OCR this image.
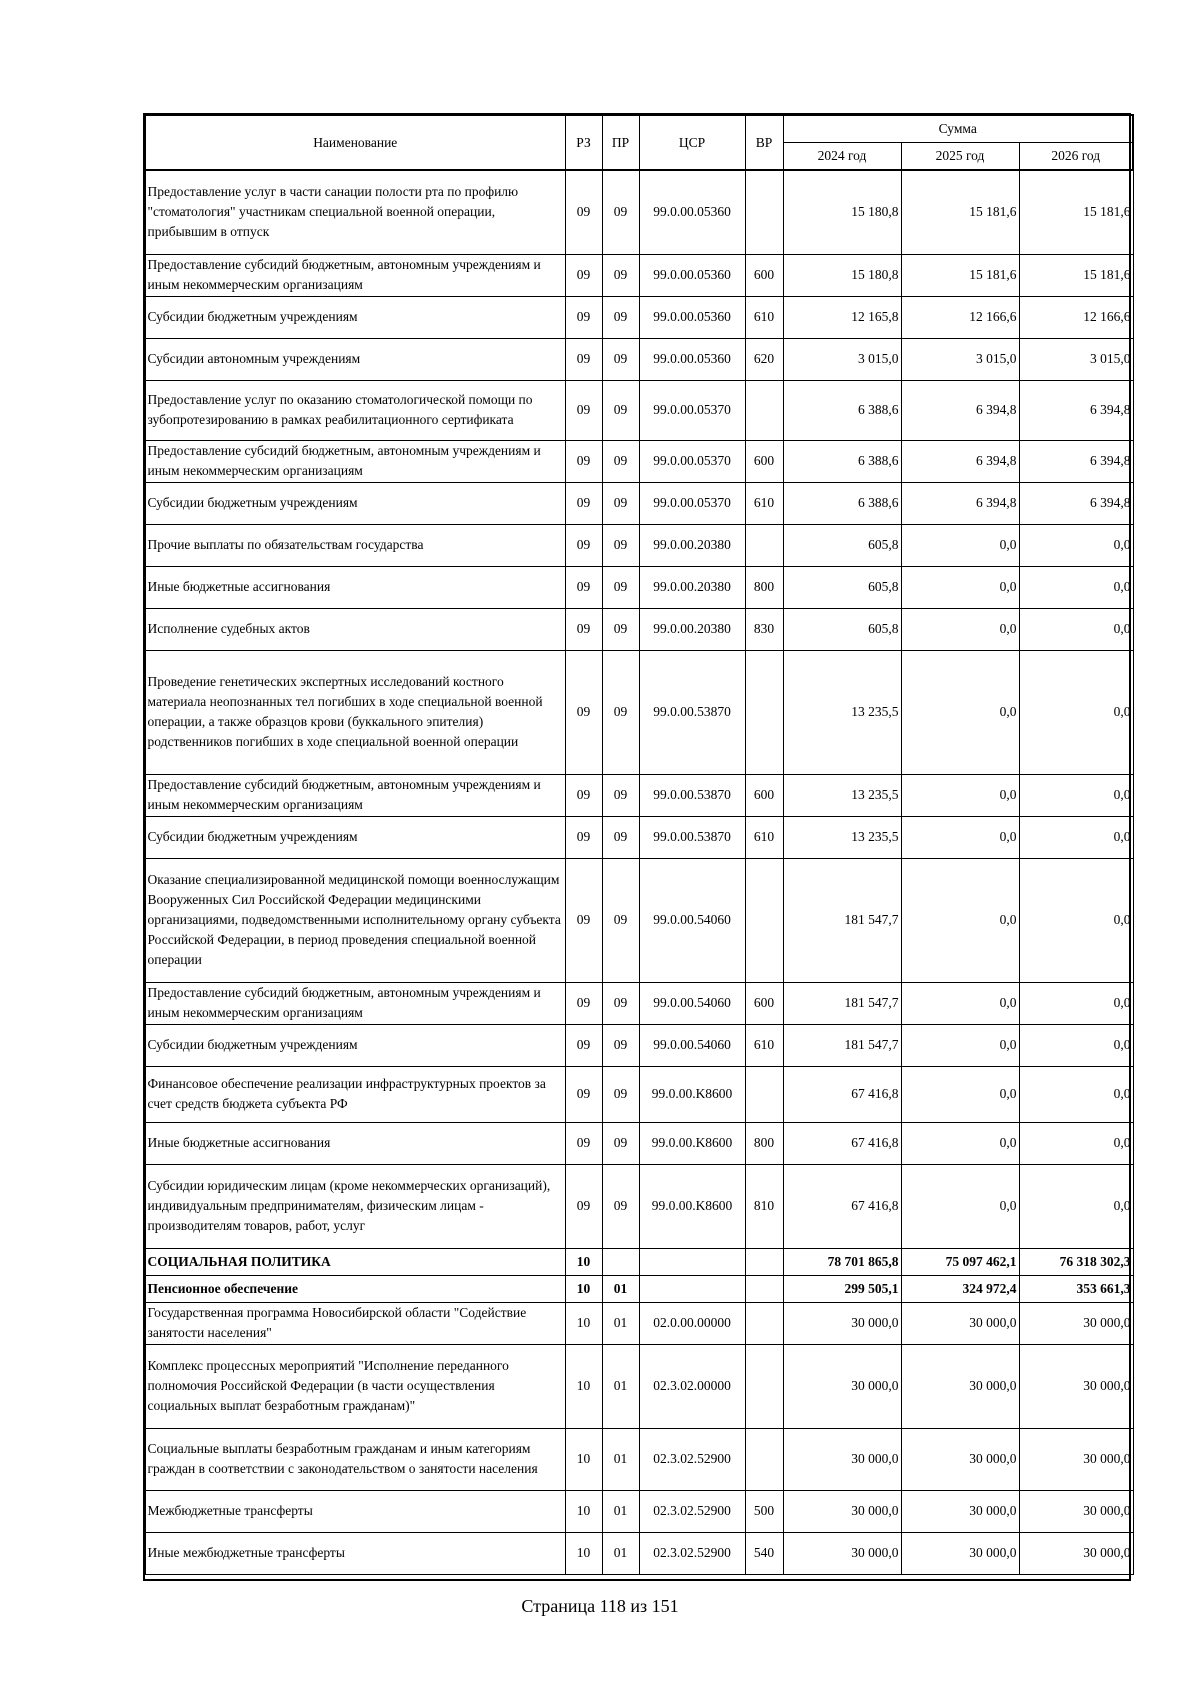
Наименование	РЗ	ПР	ЦСР	ВР	Сумма		
					2024 год	2025 год	2026 год
Предоставление услуг в части санации полости рта по профилю "стоматология" участникам специальной военной операции, прибывшим в отпуск	09	09	99.0.00.05360		15 180,8	15 181,6	15 181,6
Предоставление субсидий бюджетным, автономным учреждениям и иным некоммерческим организациям	09	09	99.0.00.05360	600	15 180,8	15 181,6	15 181,6
Субсидии бюджетным учреждениям	09	09	99.0.00.05360	610	12 165,8	12 166,6	12 166,6
Субсидии автономным учреждениям	09	09	99.0.00.05360	620	3 015,0	3 015,0	3 015,0
Предоставление услуг по оказанию стоматологической помощи по зубопротезированию в рамках реабилитационного сертификата	09	09	99.0.00.05370		6 388,6	6 394,8	6 394,8
Предоставление субсидий бюджетным, автономным учреждениям и иным некоммерческим организациям	09	09	99.0.00.05370	600	6 388,6	6 394,8	6 394,8
Субсидии бюджетным учреждениям	09	09	99.0.00.05370	610	6 388,6	6 394,8	6 394,8
Прочие выплаты по обязательствам государства	09	09	99.0.00.20380		605,8	0,0	0,0
Иные бюджетные ассигнования	09	09	99.0.00.20380	800	605,8	0,0	0,0
Исполнение судебных актов	09	09	99.0.00.20380	830	605,8	0,0	0,0
Проведение генетических экспертных исследований костного материала неопознанных тел погибших в ходе специальной военной операции, а также образцов крови (буккального эпителия) родственников погибших в ходе специальной военной операции	09	09	99.0.00.53870		13 235,5	0,0	0,0
Предоставление субсидий бюджетным, автономным учреждениям и иным некоммерческим организациям	09	09	99.0.00.53870	600	13 235,5	0,0	0,0
Субсидии бюджетным учреждениям	09	09	99.0.00.53870	610	13 235,5	0,0	0,0
Оказание специализированной медицинской помощи военнослужащим Вооруженных Сил Российской Федерации медицинскими организациями, подведомственными исполнительному органу субъекта Российской Федерации, в период проведения специальной военной операции	09	09	99.0.00.54060		181 547,7	0,0	0,0
Предоставление субсидий бюджетным, автономным учреждениям и иным некоммерческим организациям	09	09	99.0.00.54060	600	181 547,7	0,0	0,0
Субсидии бюджетным учреждениям	09	09	99.0.00.54060	610	181 547,7	0,0	0,0
Финансовое обеспечение реализации инфраструктурных проектов за счет средств бюджета субъекта РФ	09	09	99.0.00.K8600		67 416,8	0,0	0,0
Иные бюджетные ассигнования	09	09	99.0.00.K8600	800	67 416,8	0,0	0,0
Субсидии юридическим лицам (кроме некоммерческих организаций), индивидуальным предпринимателям, физическим лицам - производителям товаров, работ, услуг	09	09	99.0.00.K8600	810	67 416,8	0,0	0,0
СОЦИАЛЬНАЯ ПОЛИТИКА	10				78 701 865,8	75 097 462,1	76 318 302,3
Пенсионное обеспечение	10	01			299 505,1	324 972,4	353 661,3
Государственная программа Новосибирской области "Содействие занятости населения"	10	01	02.0.00.00000		30 000,0	30 000,0	30 000,0
Комплекс процессных мероприятий "Исполнение переданного полномочия Российской Федерации (в части осуществления социальных выплат безработным гражданам)"	10	01	02.3.02.00000		30 000,0	30 000,0	30 000,0
Социальные выплаты безработным гражданам и иным категориям граждан в соответствии с законодательством о занятости населения	10	01	02.3.02.52900		30 000,0	30 000,0	30 000,0
Межбюджетные трансферты	10	01	02.3.02.52900	500	30 000,0	30 000,0	30 000,0
Иные межбюджетные трансферты	10	01	02.3.02.52900	540	30 000,0	30 000,0	30 000,0
Страница 118 из 151
